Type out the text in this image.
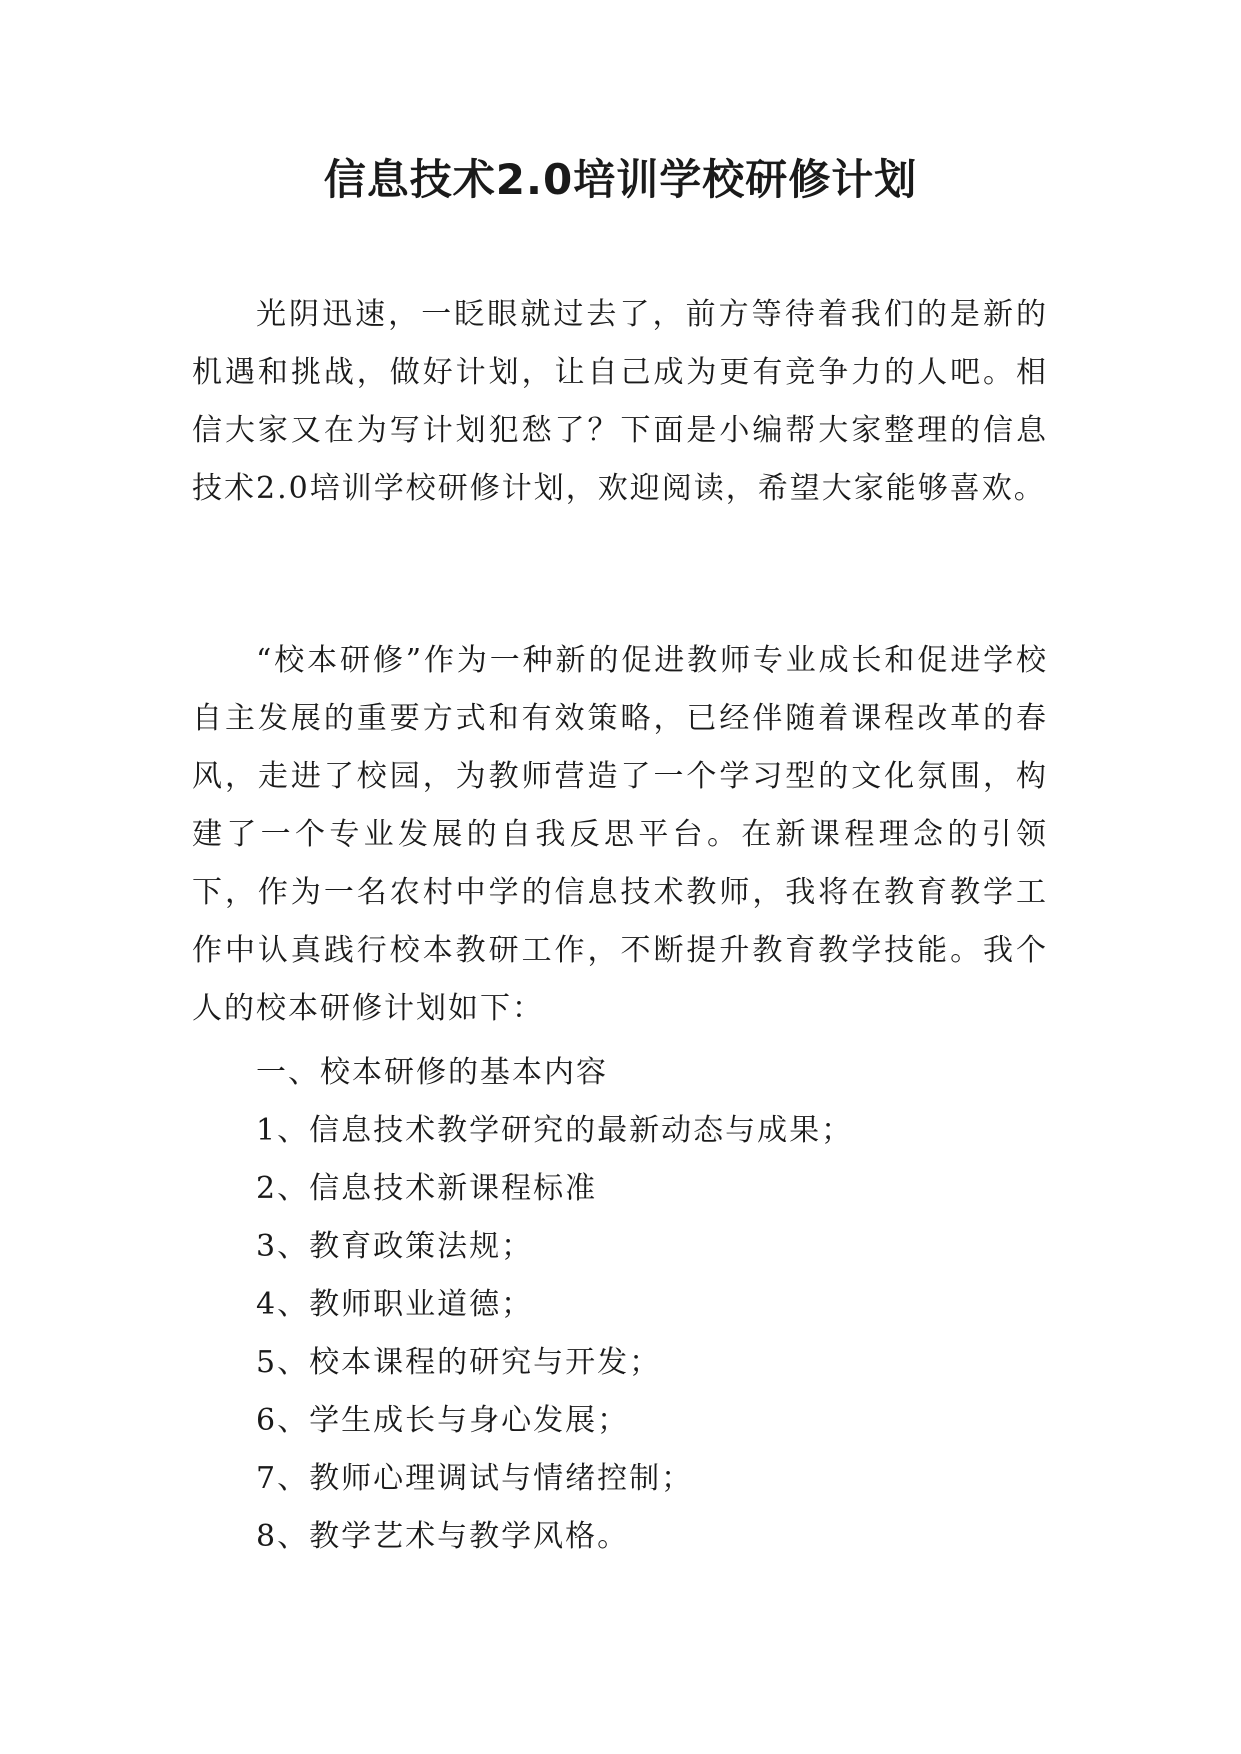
信息技术2.0培训学校研修计划

光阴迅速，一眨眼就过去了，前方等待着我们的是新的机遇和挑战，做好计划，让自己成为更有竞争力的人吧。相信大家又在为写计划犯愁了？下面是小编帮大家整理的信息技术2.0培训学校研修计划，欢迎阅读，希望大家能够喜欢。

“校本研修”作为一种新的促进教师专业成长和促进学校自主发展的重要方式和有效策略，已经伴随着课程改革的春风，走进了校园，为教师营造了一个学习型的文化氛围，构建了一个专业发展的自我反思平台。在新课程理念的引领下，作为一名农村中学的信息技术教师，我将在教育教学工作中认真践行校本教研工作，不断提升教育教学技能。我个人的校本研修计划如下：

一、校本研修的基本内容
1、信息技术教学研究的最新动态与成果；
2、信息技术新课程标准
3、教育政策法规；
4、教师职业道德；
5、校本课程的研究与开发；
6、学生成长与身心发展；
7、教师心理调试与情绪控制；
8、教学艺术与教学风格。
